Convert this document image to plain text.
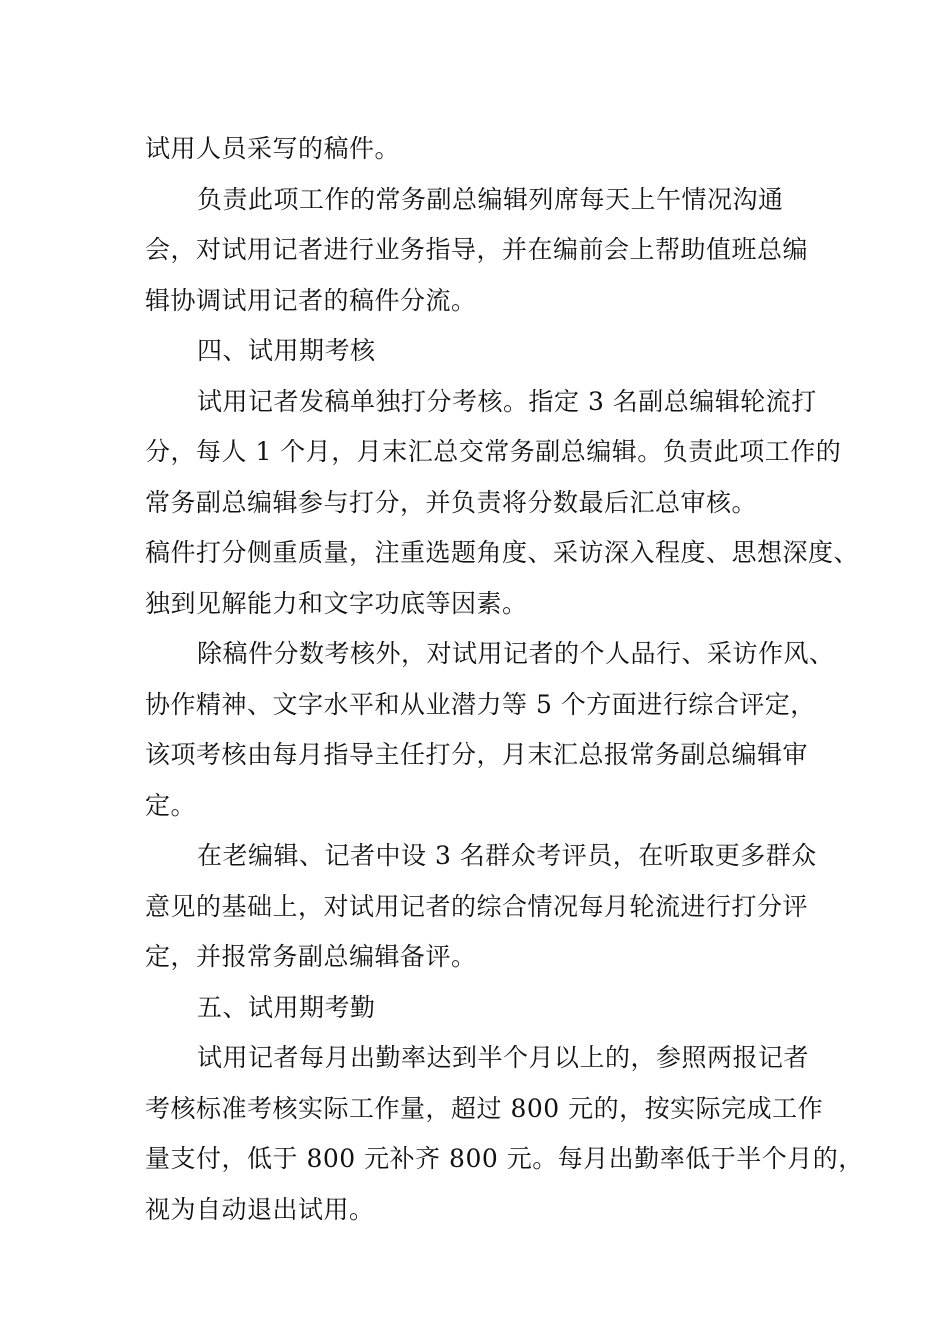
试用人员采写的稿件。
负责此项工作的常务副总编辑列席每天上午情况沟通
会，对试用记者进行业务指导，并在编前会上帮助值班总编
辑协调试用记者的稿件分流。
四、试用期考核
试用记者发稿单独打分考核。指定 3 名副总编辑轮流打
分，每人 1 个月，月末汇总交常务副总编辑。负责此项工作的
常务副总编辑参与打分，并负责将分数最后汇总审核。
稿件打分侧重质量，注重选题角度、采访深入程度、思想深度、
独到见解能力和文字功底等因素。
除稿件分数考核外，对试用记者的个人品行、采访作风、
协作精神、文字水平和从业潜力等 5 个方面进行综合评定，
该项考核由每月指导主任打分，月末汇总报常务副总编辑审
定。
在老编辑、记者中设 3 名群众考评员，在听取更多群众
意见的基础上，对试用记者的综合情况每月轮流进行打分评
定，并报常务副总编辑备评。
五、试用期考勤
试用记者每月出勤率达到半个月以上的，参照两报记者
考核标准考核实际工作量，超过 800 元的，按实际完成工作
量支付，低于 800 元补齐 800 元。每月出勤率低于半个月的，
视为自动退出试用。
